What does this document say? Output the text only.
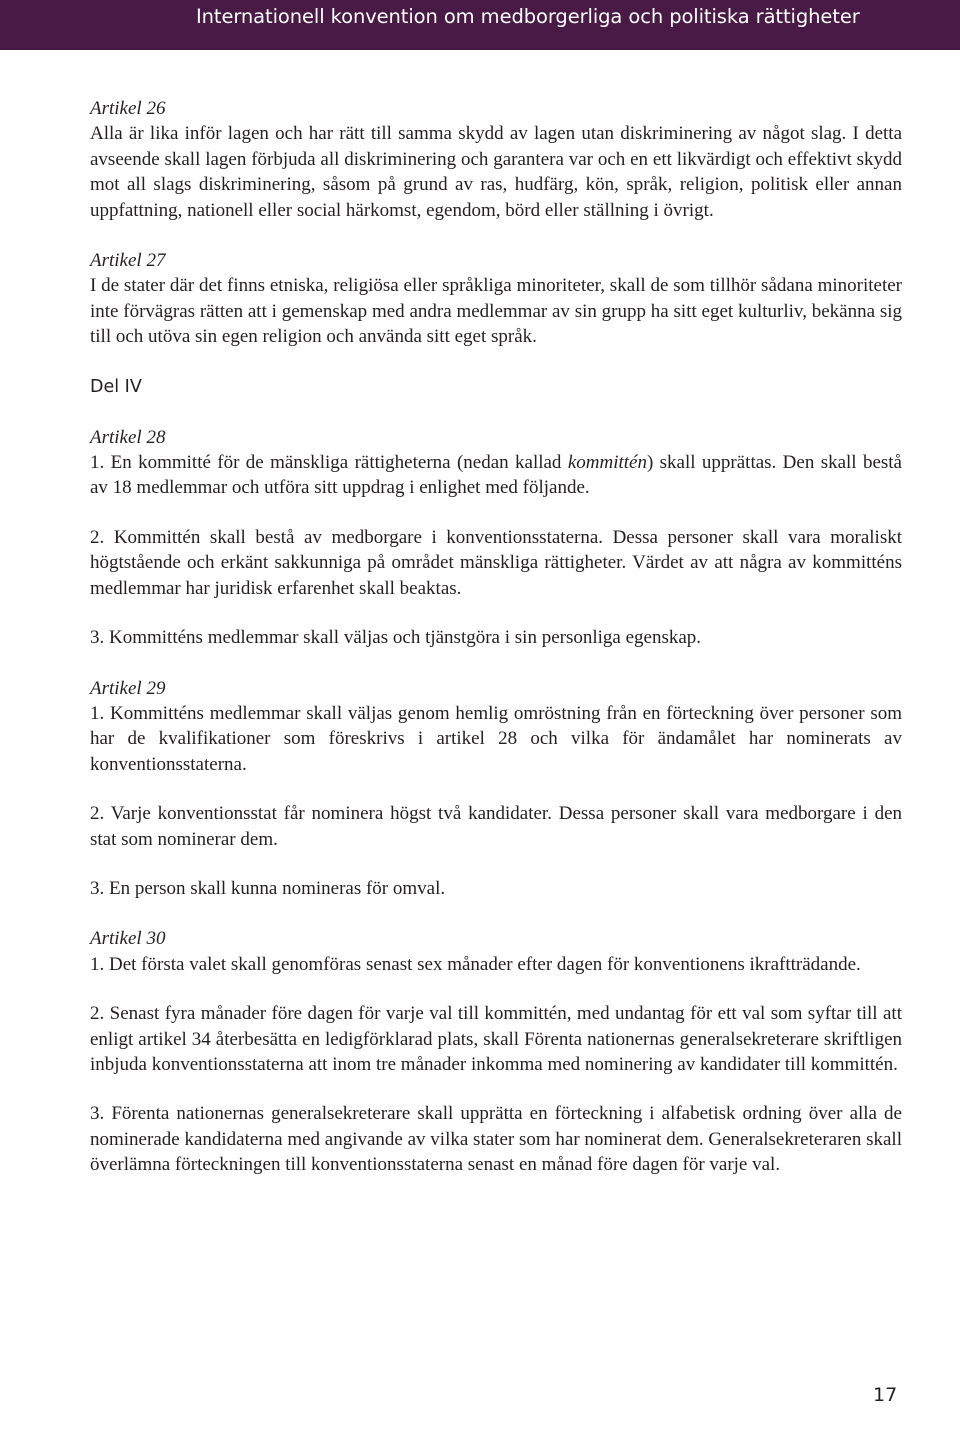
Internationell konvention om medborgerliga och politiska rättigheter

Artikel 26

Alla är lika inför lagen och har rätt till samma skydd av lagen utan diskriminering av något slag. I detta avseende skall lagen förbjuda all diskriminering och garantera var och en ett likvärdigt och effektivt skydd mot all slags diskriminering, såsom på grund av ras, hudfärg, kön, språk, religion, politisk eller annan uppfattning, nationell eller social härkomst, egendom, börd eller ställning i övrigt.

Artikel 27

I de stater där det finns etniska, religiösa eller språkliga minoriteter, skall de som tillhör sådana minoriteter inte förvägras rätten att i gemenskap med andra medlemmar av sin grupp ha sitt eget kulturliv, bekänna sig till och utöva sin egen religion och använda sitt eget språk.

Del IV

Artikel 28

1. En kommitté för de mänskliga rättigheterna (nedan kallad kommittén) skall upprättas. Den skall bestå av 18 medlemmar och utföra sitt uppdrag i enlighet med följande.

2. Kommittén skall bestå av medborgare i konventionsstaterna. Dessa personer skall vara moraliskt högtstående och erkänt sakkunniga på området mänskliga rättigheter. Värdet av att några av kommitténs medlemmar har juridisk erfarenhet skall beaktas.

3. Kommitténs medlemmar skall väljas och tjänstgöra i sin personliga egenskap.

Artikel 29

1. Kommitténs medlemmar skall väljas genom hemlig omröstning från en förteckning över personer som har de kvalifikationer som föreskrivs i artikel 28 och vilka för ändamålet har nominerats av konventionsstaterna.

2. Varje konventionsstat får nominera högst två kandidater. Dessa personer skall vara medborgare i den stat som nominerar dem.

3. En person skall kunna nomineras för omval.

Artikel 30

1. Det första valet skall genomföras senast sex månader efter dagen för konventionens ikraftträdande.

2. Senast fyra månader före dagen för varje val till kommittén, med undantag för ett val som syftar till att enligt artikel 34 återbesätta en ledigförklarad plats, skall Förenta nationernas generalsekreterare skriftligen inbjuda konventionsstaterna att inom tre månader inkomma med nominering av kandidater till kommittén.

3. Förenta nationernas generalsekreterare skall upprätta en förteckning i alfabetisk ordning över alla de nominerade kandidaterna med angivande av vilka stater som har nominerat dem. Generalsekreteraren skall överlämna förteckningen till konventionsstaterna senast en månad före dagen för varje val.

17
